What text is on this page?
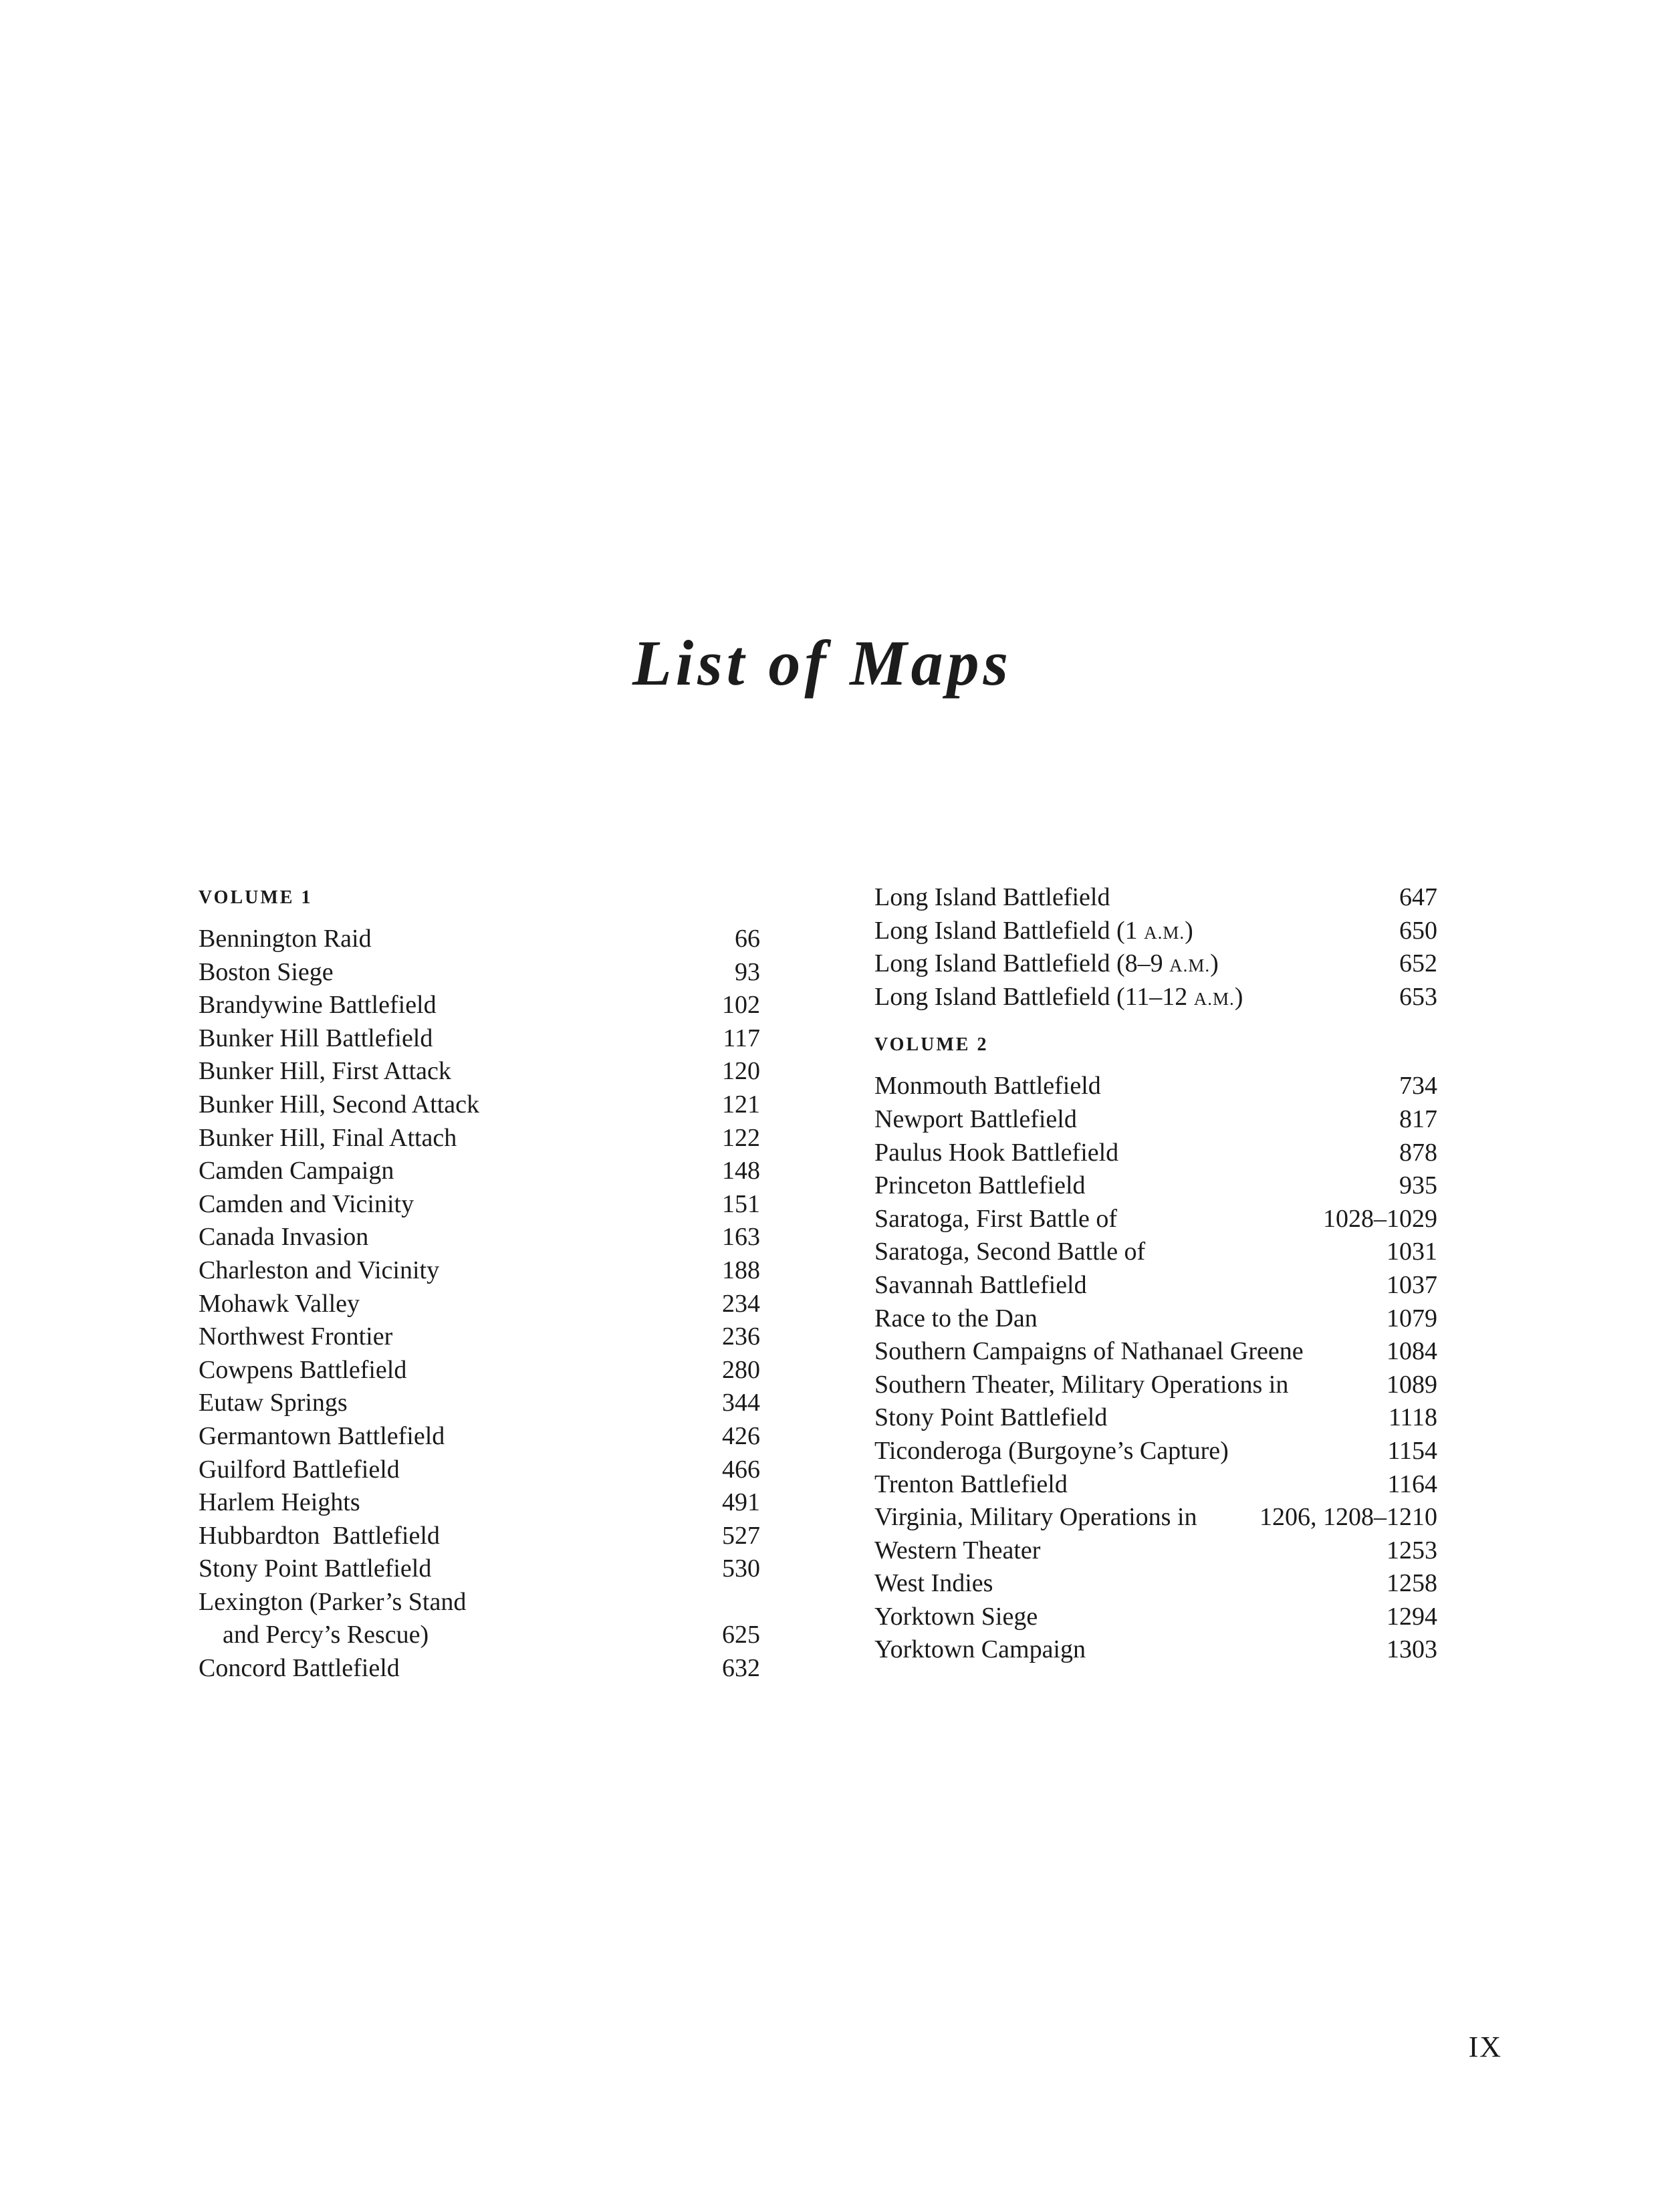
List of Maps
VOLUME 1
Bennington Raid	66
Boston Siege	93
Brandywine Battlefield	102
Bunker Hill Battlefield	117
Bunker Hill, First Attack	120
Bunker Hill, Second Attack	121
Bunker Hill, Final Attach	122
Camden Campaign	148
Camden and Vicinity	151
Canada Invasion	163
Charleston and Vicinity	188
Mohawk Valley	234
Northwest Frontier	236
Cowpens Battlefield	280
Eutaw Springs	344
Germantown Battlefield	426
Guilford Battlefield	466
Harlem Heights	491
Hubbardton  Battlefield	527
Stony Point Battlefield	530
Lexington (Parker’s Stand
and Percy’s Rescue)	625
Concord Battlefield	632
Long Island Battlefield	647
Long Island Battlefield (1 A.M.)	650
Long Island Battlefield (8–9 A.M.)	652
Long Island Battlefield (11–12 A.M.)	653
VOLUME 2
Monmouth Battlefield	734
Newport Battlefield	817
Paulus Hook Battlefield	878
Princeton Battlefield	935
Saratoga, First Battle of	1028–1029
Saratoga, Second Battle of	1031
Savannah Battlefield	1037
Race to the Dan	1079
Southern Campaigns of Nathanael Greene	1084
Southern Theater, Military Operations in	1089
Stony Point Battlefield	1118
Ticonderoga (Burgoyne’s Capture)	1154
Trenton Battlefield	1164
Virginia, Military Operations in 1206, 1208–1210
Western Theater	1253
West Indies	1258
Yorktown Siege	1294
Yorktown Campaign	1303
IX
